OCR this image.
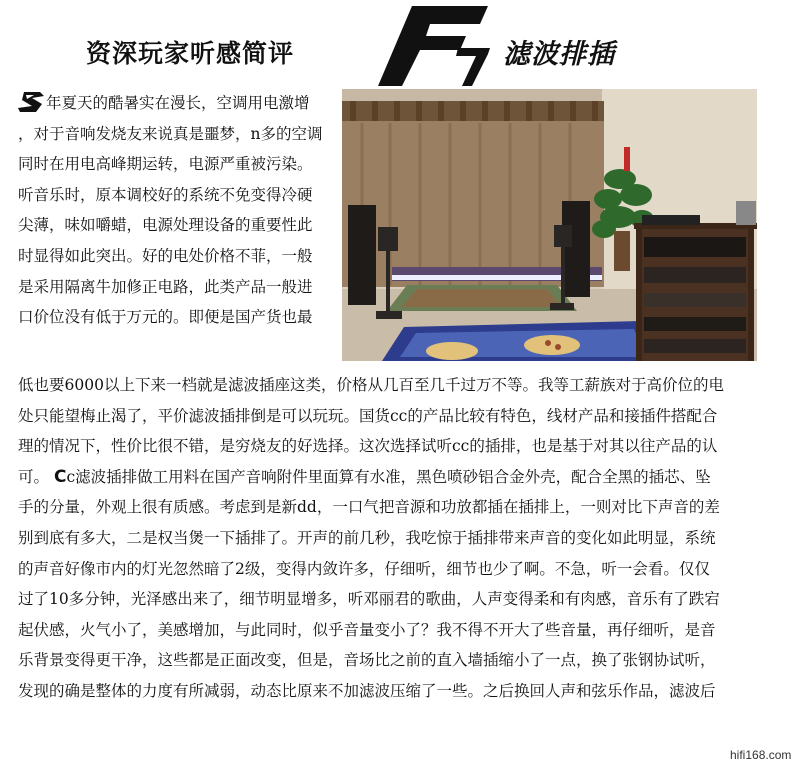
资深玩家听感简评	滤波排插
年夏天的酷暑实在漫长，空调用电激增
，对于音响发烧友来说真是噩梦，n多的空调
同时在用电高峰期运转，电源严重被污染。
听音乐时，原本调校好的系统不免变得冷硬
尖薄，味如嚼蜡，电源处理设备的重要性此
时显得如此突出。好的电处价格不菲，一般
是采用隔离牛加修正电路，此类产品一般进
口价位没有低于万元的。即便是国产货也最
低也要6000以上下来一档就是滤波插座这类，价格从几百至几千过万不等。我等工薪族对于高价位的电
处只能望梅止渴了，平价滤波插排倒是可以玩玩。国货cc的产品比较有特色，线材产品和接插件搭配合
理的情况下，性价比很不错，是穷烧友的好选择。这次选择试听cc的插排，也是基于对其以往产品的认
可。 Cc滤波插排做工用料在国产音响附件里面算有水准，黑色喷砂铝合金外壳，配合全黑的插芯、坠
手的分量，外观上很有质感。考虑到是新dd，一口气把音源和功放都插在插排上，一则对比下声音的差
别到底有多大，二是权当煲一下插排了。开声的前几秒，我吃惊于插排带来声音的变化如此明显，系统
的声音好像市内的灯光忽然暗了2级，变得内敛许多，仔细听，细节也少了啊。不急，听一会看。仅仅
过了10多分钟，光泽感出来了，细节明显增多，听邓丽君的歌曲，人声变得柔和有肉感，音乐有了跌宕
起伏感，火气小了，美感增加，与此同时，似乎音量变小了？我不得不开大了些音量，再仔细听，是音
乐背景变得更干净，这些都是正面改变，但是，音场比之前的直入墙插缩小了一点，换了张钢协试听，
发现的确是整体的力度有所减弱，动态比原来不加滤波压缩了一些。之后换回人声和弦乐作品，滤波后
hifi168.com
